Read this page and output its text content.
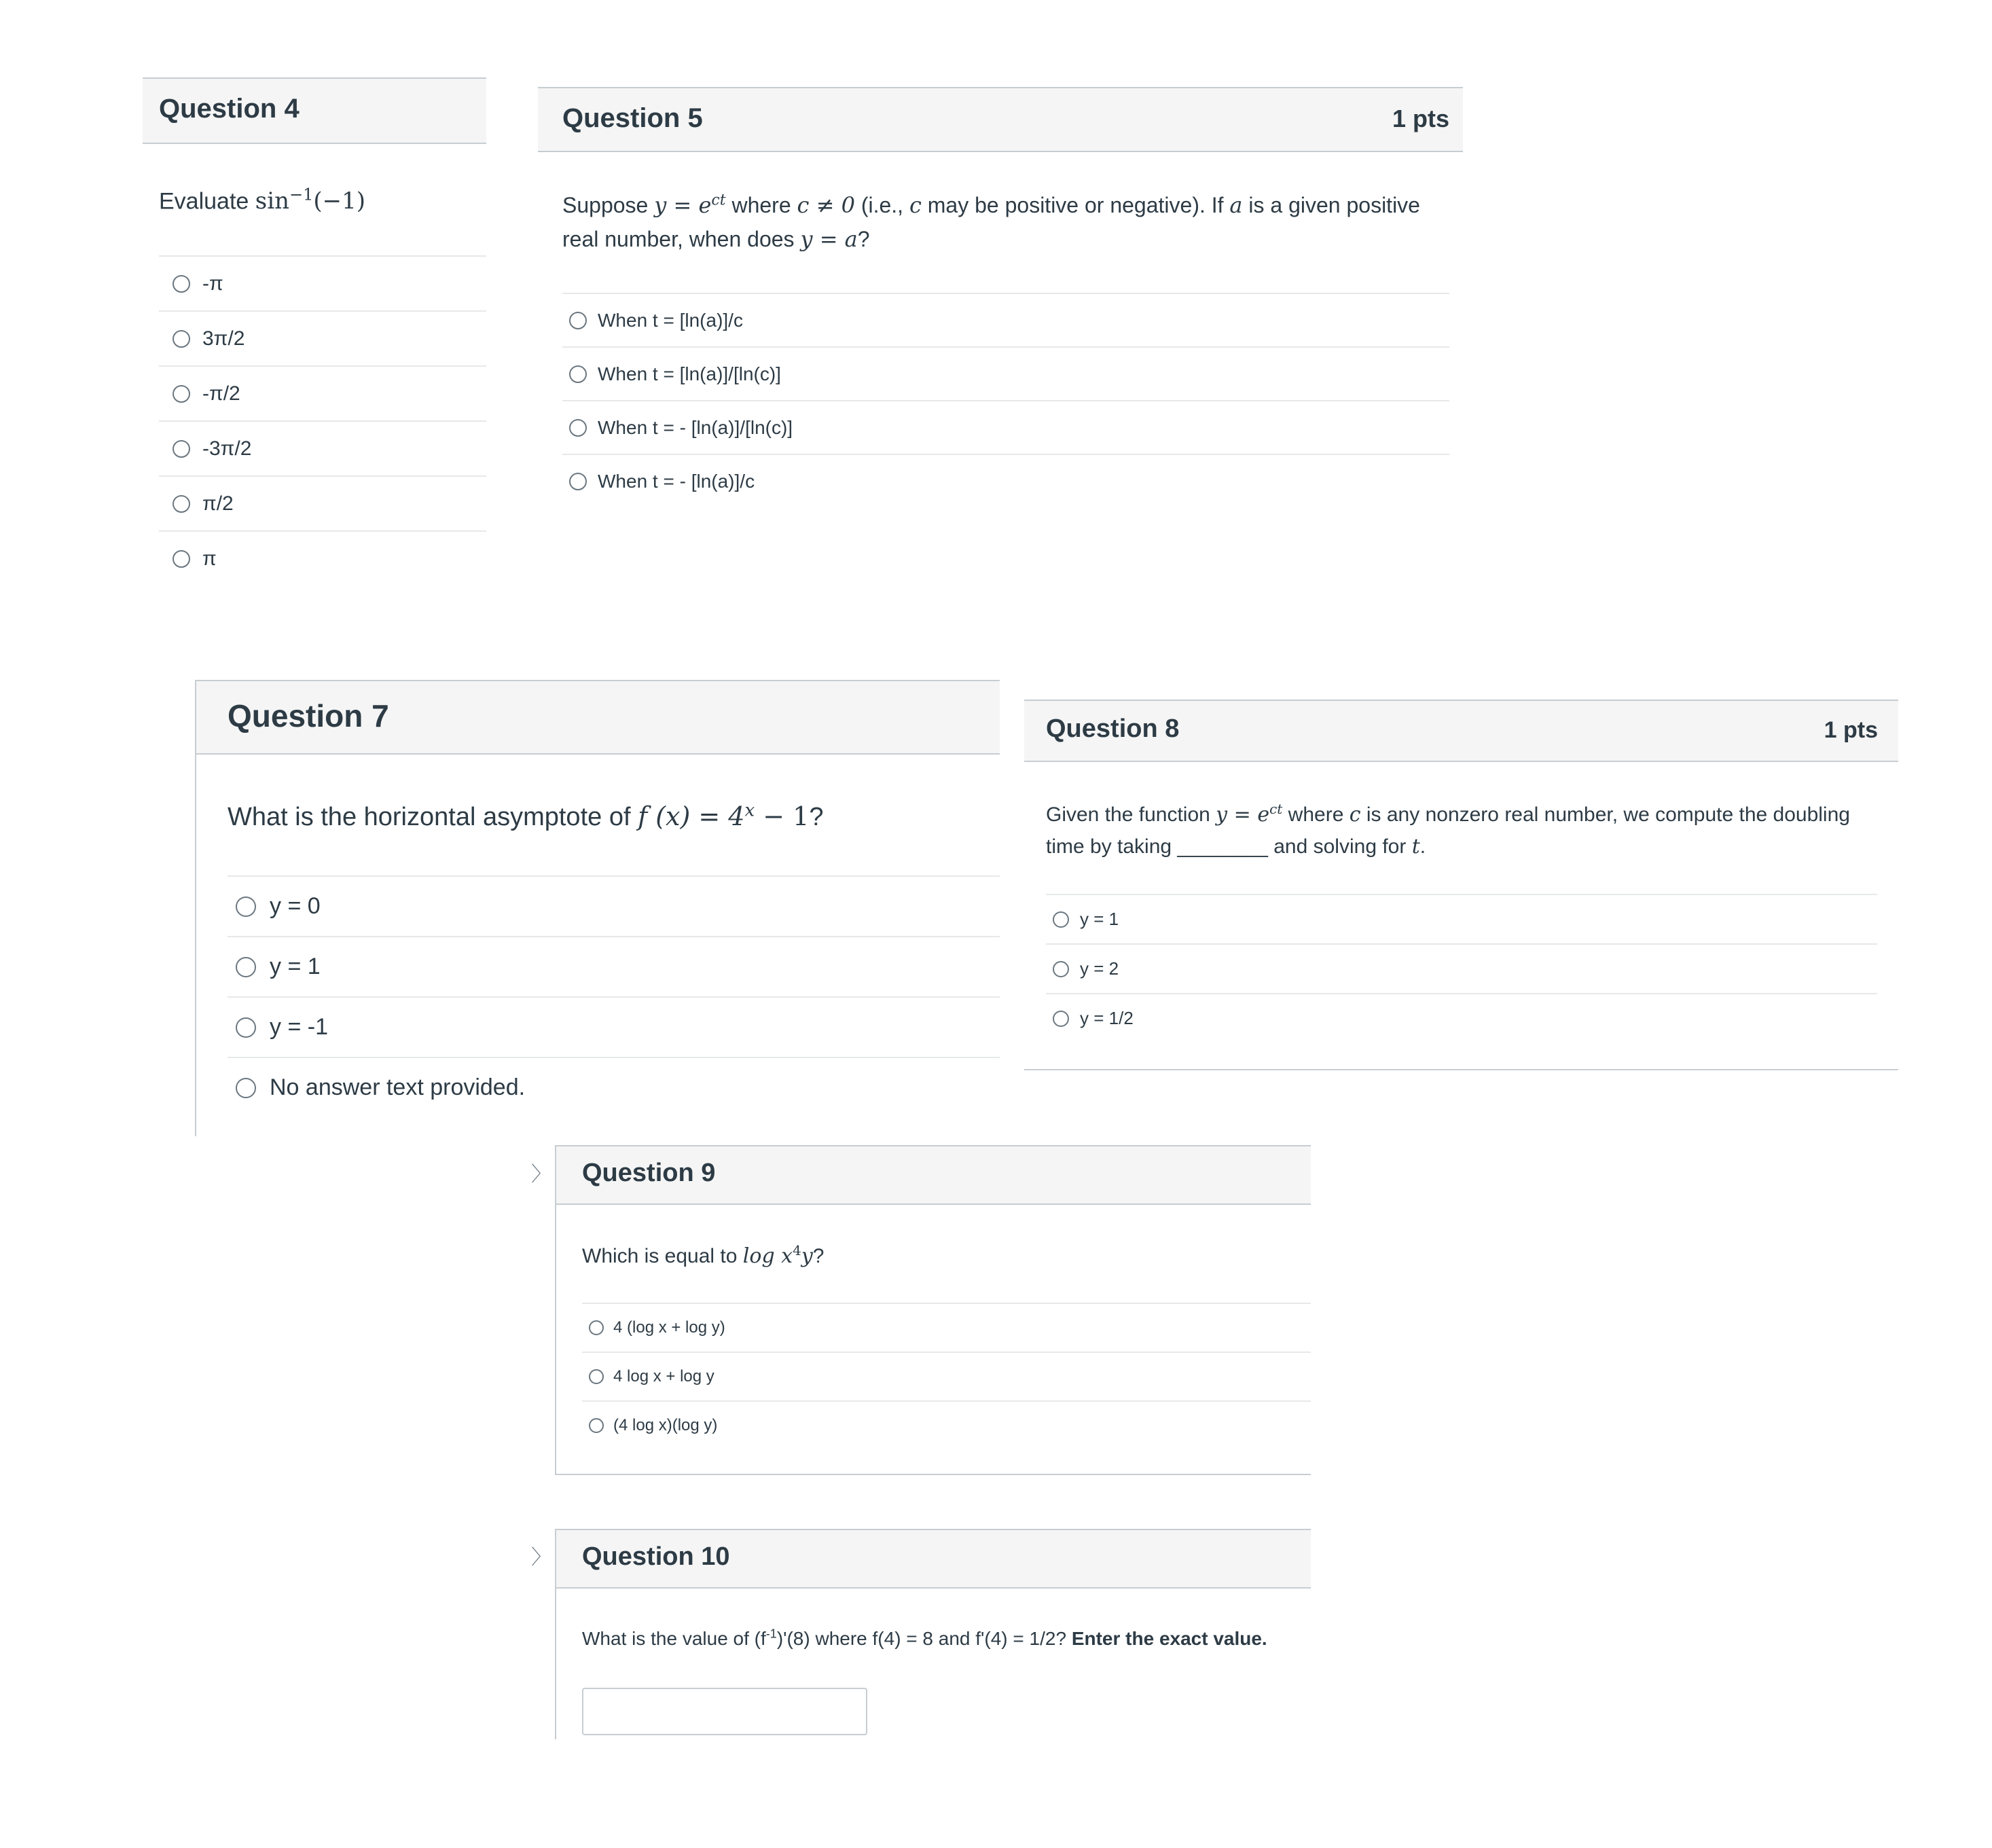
Question 4
Evaluate $\sin^{-1}(-1)$
-π
3π/2
-π/2
-3π/2
π/2
π
Question 5	1 pts
Suppose $y = e^{ct}$ where c ≠ 0 (i.e., c may be positive or negative). If a is a given positive real number, when does y = a?
When t = [ln(a)]/c
When t = [ln(a)]/[ln(c)]
When t = - [ln(a)]/[ln(c)]
When t = - [ln(a)]/c
Question 7
What is the horizontal asymptote of f $(x) = 4^x - 1$?
y = 0
y = 1
y = -1
No answer text provided.
Question 8	1 pts
Given the function $y = e^{ct}$ where c is any nonzero real number, we compute the doubling time by taking ________ and solving for t.
y = 1
y = 2
y = 1/2
〉 Question 9
Which is equal to $\log x^4y$?
4 (log x + log y)
4 log x + log y
(4 log x)(log y)
〉 Question 10
What is the value of $(f^{-1})'(8)$ where f(4) = 8 and f'(4) = 1/2? Enter the exact value.
